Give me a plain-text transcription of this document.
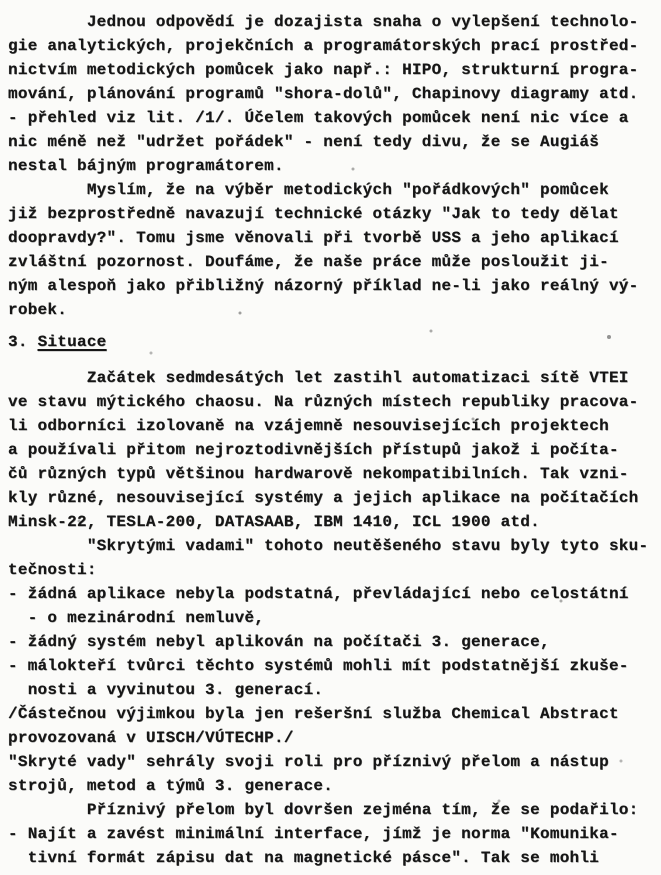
Jednou odpovědí je dozajista snaha o vylepšení technolo-
gie analytických, projekčních a programátorských prací prostřed-
nictvím metodických pomůcek jako např.: HIPO, strukturní progra-
mování, plánování programů "shora-dolů", Chapinovy diagramy atd.
- přehled viz lit. /1/. Účelem takových pomůcek není nic více a
nic méně než "udržet pořádek" - není tedy divu, že se Augiáš
nestal bájným programátorem.
Myslím, že na výběr metodických "pořádkových" pomůcek
již bezprostředně navazují technické otázky "Jak to tedy dělat
doopravdy?". Tomu jsme věnovali při tvorbě USS a jeho aplikací
zvláštní pozornost. Doufáme, že naše práce může posloužit ji-
ným alespoň jako přibližný názorný příklad ne-li jako reálný vý-
robek.
3. Situace
Začátek sedmdesátých let zastihl automatizaci sítě VTEI
ve stavu mýtického chaosu. Na různých místech republiky pracova-
li odborníci izolovaně na vzájemně nesouvisejících projektech
a používali přitom nejroztodivnějších přístupů jakož i počíta-
čů různých typů většinou hardwarově nekompatibilních. Tak vzni-
kly různé, nesouvisející systémy a jejich aplikace na počítačích
Minsk-22, TESLA-200, DATASAAB, IBM 1410, ICL 1900 atd.
"Skrytými vadami" tohoto neutěšeného stavu byly tyto sku-
tečnosti:
- žádná aplikace nebyla podstatná, převládající nebo celostátní
- o mezinárodní nemluvě,
- žádný systém nebyl aplikován na počítači 3. generace,
- málokteří tvůrci těchto systémů mohli mít podstatnější zkuše-
nosti a vyvinutou 3. generací.
/Částečnou výjimkou byla jen rešeršní služba Chemical Abstract
provozovaná v UISCH/VÚTECHP./
"Skryté vady" sehrály svoji roli pro příznivý přelom a nástup
strojů, metod a týmů 3. generace.
Příznivý přelom byl dovršen zejména tím, že se podařilo:
- Najít a zavést minimální interface, jímž je norma "Komunika-
tivní formát zápisu dat na magnetické pásce". Tak se mohli
